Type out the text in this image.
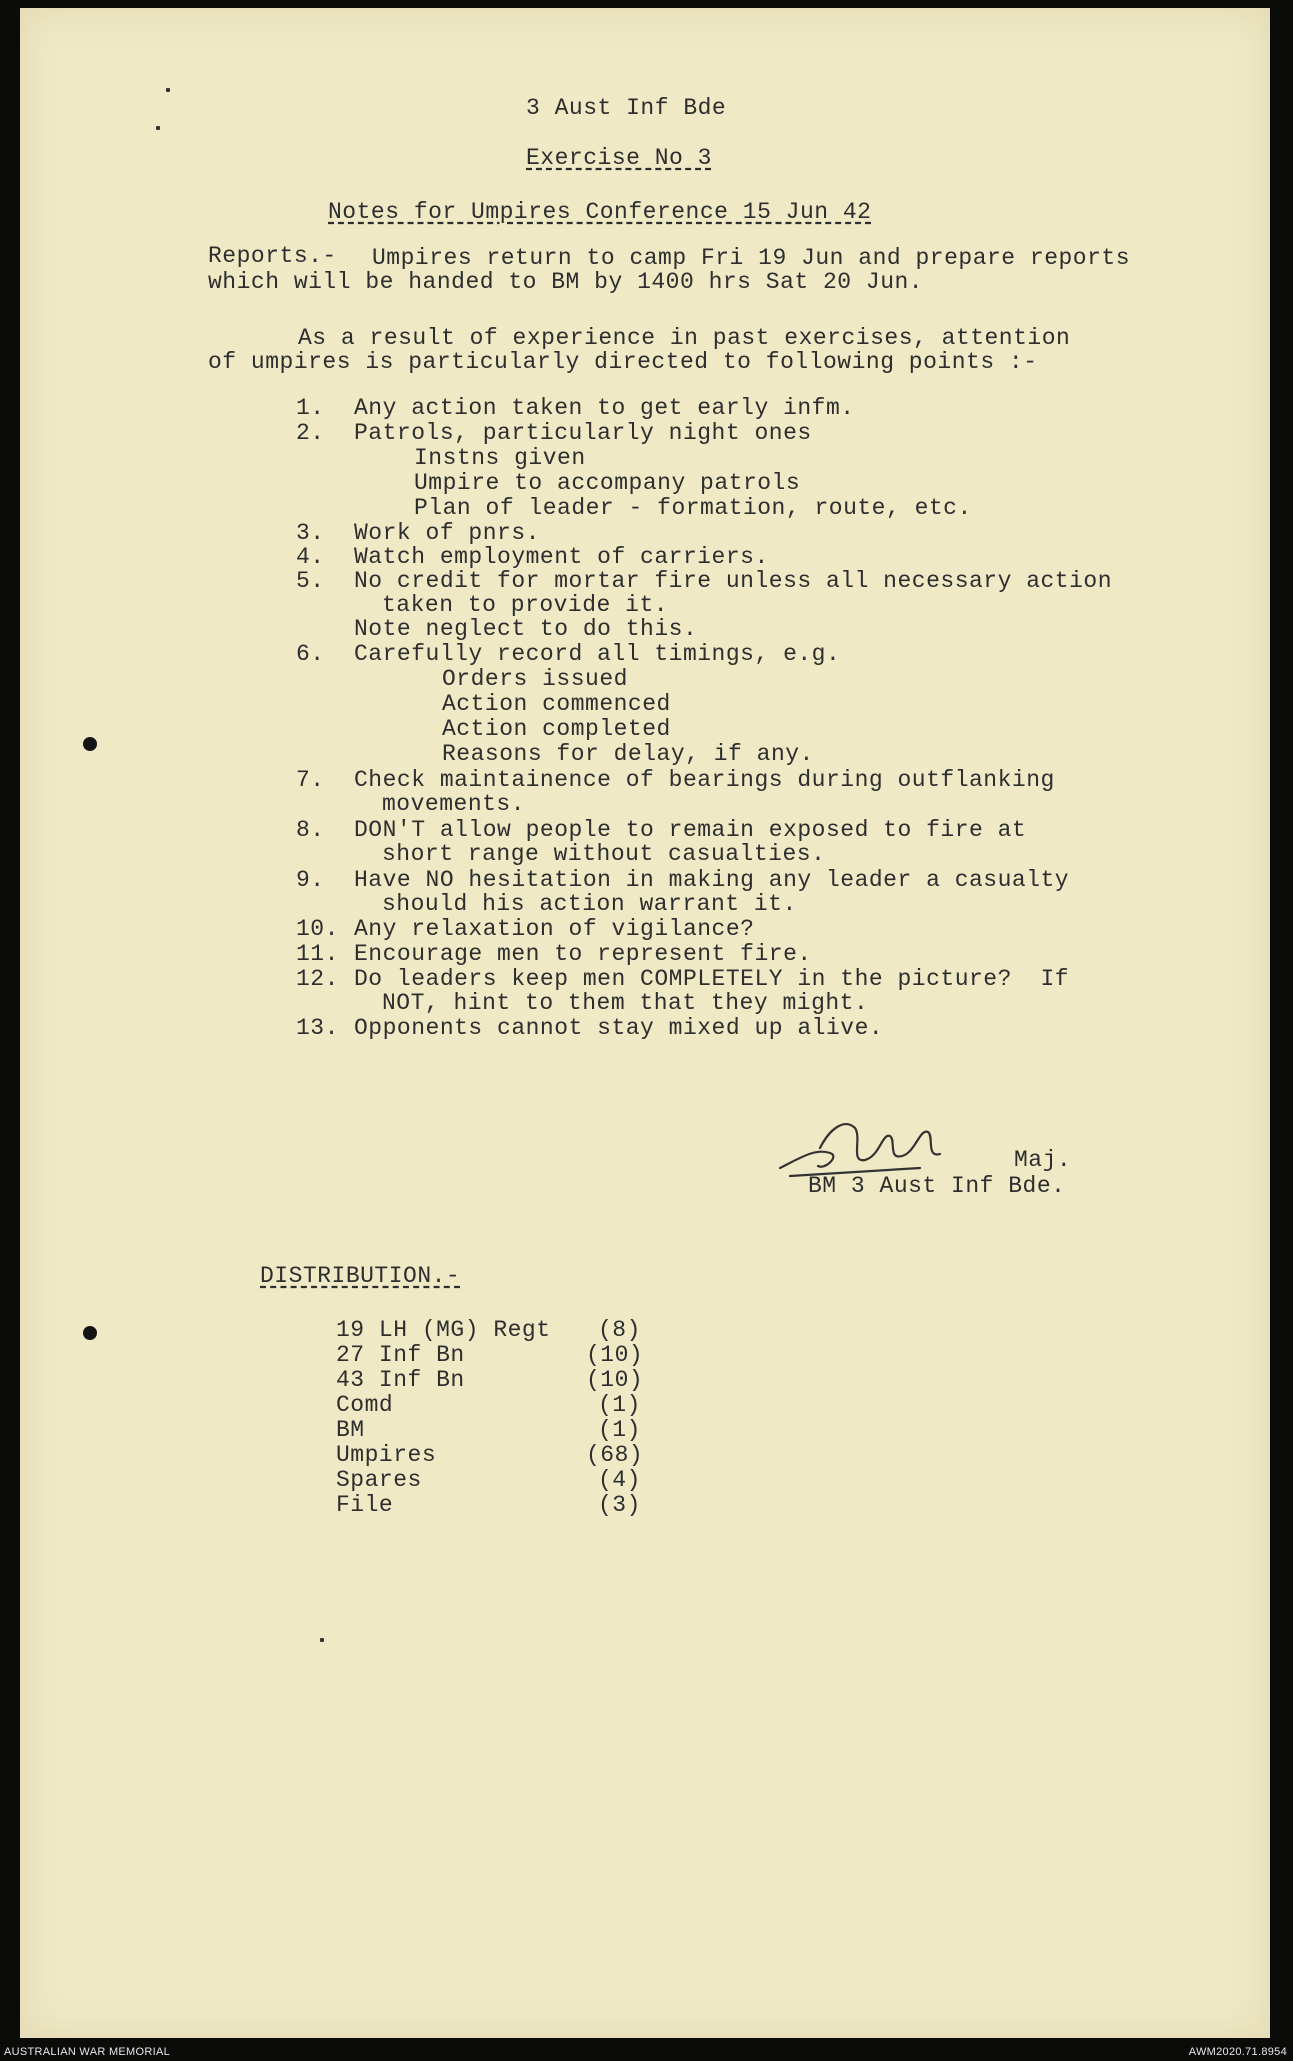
3 Aust Inf Bde
Exercise No 3
Notes for Umpires Conference 15 Jun 42
Reports.- Umpires return to camp Fri 19 Jun and prepare reports
which will be handed to BM by 1400 hrs Sat 20 Jun.
As a result of experience in past exercises, attention
of umpires is particularly directed to following points :-
1. Any action taken to get early infm.
2. Patrols, particularly night ones
Instns given
Umpire to accompany patrols
Plan of leader - formation, route, etc.
3. Work of pnrs.
4. Watch employment of carriers.
5. No credit for mortar fire unless all necessary action
taken to provide it.
Note neglect to do this.
6. Carefully record all timings, e.g.
Orders issued
Action commenced
Action completed
Reasons for delay, if any.
7. Check maintainence of bearings during outflanking
movements.
8. DON'T allow people to remain exposed to fire at
short range without casualties.
9. Have NO hesitation in making any leader a casualty
should his action warrant it.
10. Any relaxation of vigilance?
11. Encourage men to represent fire.
12. Do leaders keep men COMPLETELY in the picture?  If
NOT, hint to them that they might.
13. Opponents cannot stay mixed up alive.
Maj.
BM 3 Aust Inf Bde.
DISTRIBUTION.-
19 LH (MG) Regt (8)
27 Inf Bn	(10)
43 Inf Bn	(10)
Comd	(1)
BM	(1)
Umpires	(68)
Spares	(4)
File	(3)
AUSTRALIAN WAR MEMORIAL	AWM2020.71.8954
